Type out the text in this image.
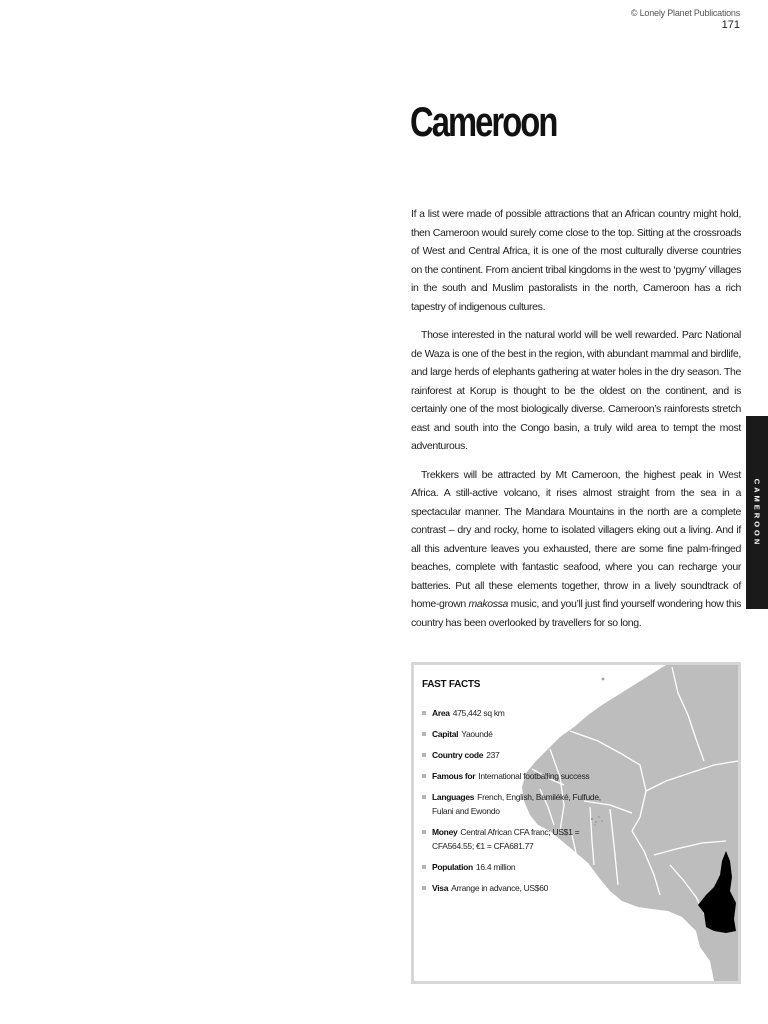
© Lonely Planet Publications
171
Cameroon

If a list were made of possible attractions that an African country might hold, then Cameroon would surely come close to the top. Sitting at the crossroads of West and Central Africa, it is one of the most culturally diverse countries on the continent. From ancient tribal kingdoms in the west to ‘pygmy’ villages in the south and Muslim pastoralists in the north, Cameroon has a rich tapestry of indigenous cultures.

Those interested in the natural world will be well rewarded. Parc National de Waza is one of the best in the region, with abundant mammal and birdlife, and large herds of elephants gathering at water holes in the dry season. The rainforest at Korup is thought to be the oldest on the continent, and is certainly one of the most biologically diverse. Cameroon’s rainforests stretch east and south into the Congo basin, a truly wild area to tempt the most adventurous.

Trekkers will be attracted by Mt Cameroon, the highest peak in West Africa. A still-active volcano, it rises almost straight from the sea in a spectacular manner. The Mandara Mountains in the north are a complete contrast – dry and rocky, home to isolated villagers eking out a living. And if all this adventure leaves you exhausted, there are some fine palm-fringed beaches, complete with fantastic seafood, where you can recharge your batteries. Put all these elements together, throw in a lively soundtrack of home-grown makossa music, and you’ll just find yourself wondering how this country has been overlooked by travellers for so long.

CAMEROON
FAST FACTS
Area 475,442 sq km
Capital Yaoundé
Country code 237
Famous for International footballing success
Languages French, English, Bamiléké, Fulfude, Fulani and Ewondo
Money Central African CFA franc; US$1 = CFA564.55; €1 = CFA681.77
Population 16.4 million
Visa Arrange in advance, US$60
